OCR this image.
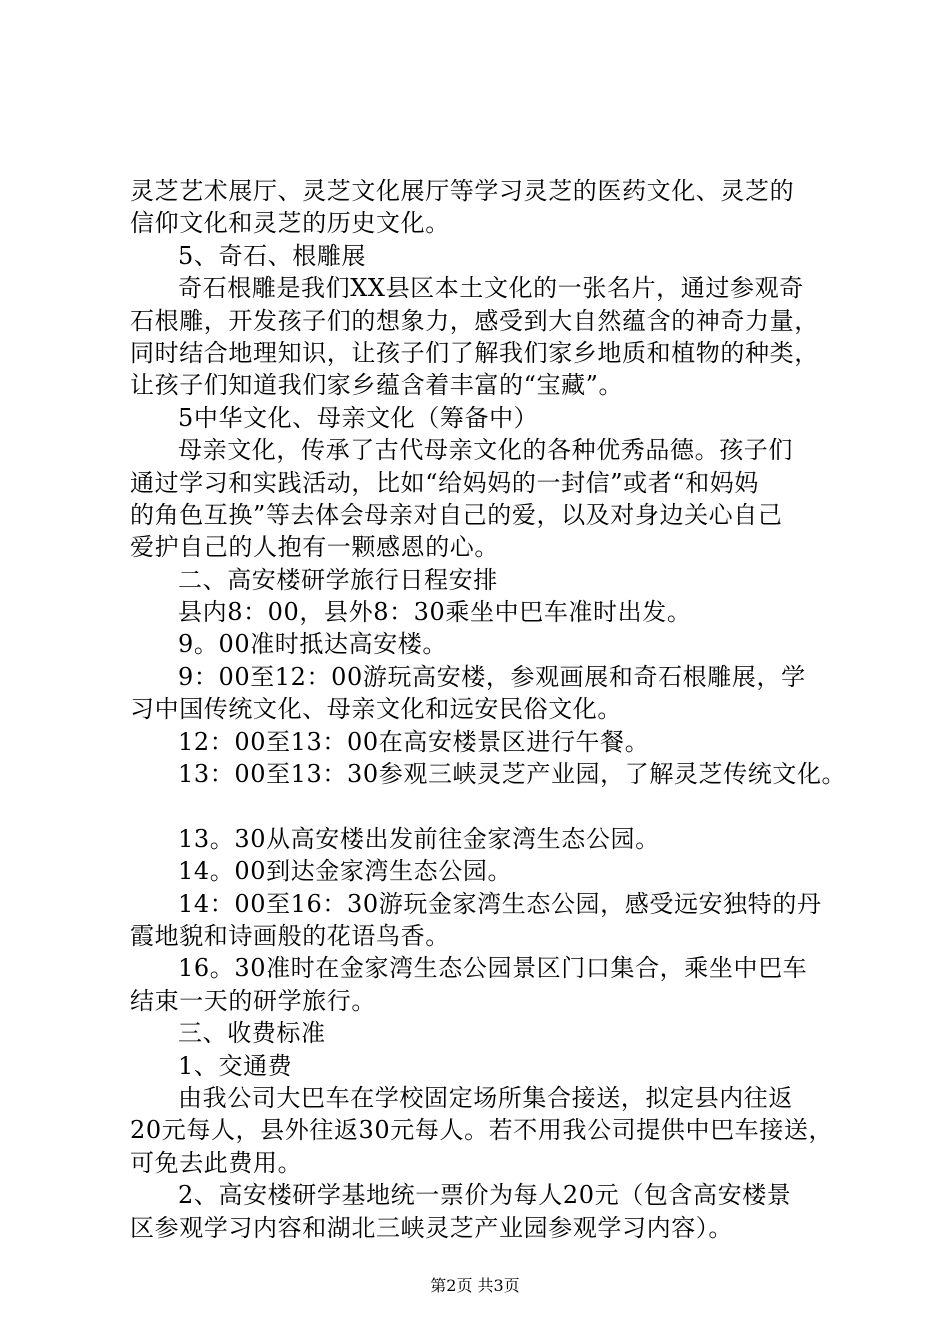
灵芝艺术展厅、灵芝文化展厅等学习灵芝的医药文化、灵芝的
信仰文化和灵芝的历史文化。
5、奇石、根雕展
奇石根雕是我们XX县区本土文化的一张名片，通过参观奇
石根雕，开发孩子们的想象力，感受到大自然蕴含的神奇力量，
同时结合地理知识，让孩子们了解我们家乡地质和植物的种类，
让孩子们知道我们家乡蕴含着丰富的“宝藏”。
5中华文化、母亲文化（筹备中）
母亲文化，传承了古代母亲文化的各种优秀品德。孩子们
通过学习和实践活动，比如“给妈妈的一封信”或者“和妈妈
的角色互换”等去体会母亲对自己的爱，以及对身边关心自己
爱护自己的人抱有一颗感恩的心。
二、高安楼研学旅行日程安排
县内8：00，县外8：30乘坐中巴车准时出发。
9。00准时抵达高安楼。
9：00至12：00游玩高安楼，参观画展和奇石根雕展，学
习中国传统文化、母亲文化和远安民俗文化。
12：00至13：00在高安楼景区进行午餐。
13：00至13：30参观三峡灵芝产业园，了解灵芝传统文化。
13。30从高安楼出发前往金家湾生态公园。
14。00到达金家湾生态公园。
14：00至16：30游玩金家湾生态公园，感受远安独特的丹
霞地貌和诗画般的花语鸟香。
16。30准时在金家湾生态公园景区门口集合，乘坐中巴车
结束一天的研学旅行。
三、收费标准
1、交通费
由我公司大巴车在学校固定场所集合接送，拟定县内往返
20元每人，县外往返30元每人。若不用我公司提供中巴车接送，
可免去此费用。
2、高安楼研学基地统一票价为每人20元（包含高安楼景
区参观学习内容和湖北三峡灵芝产业园参观学习内容）。
第2页 共3页
